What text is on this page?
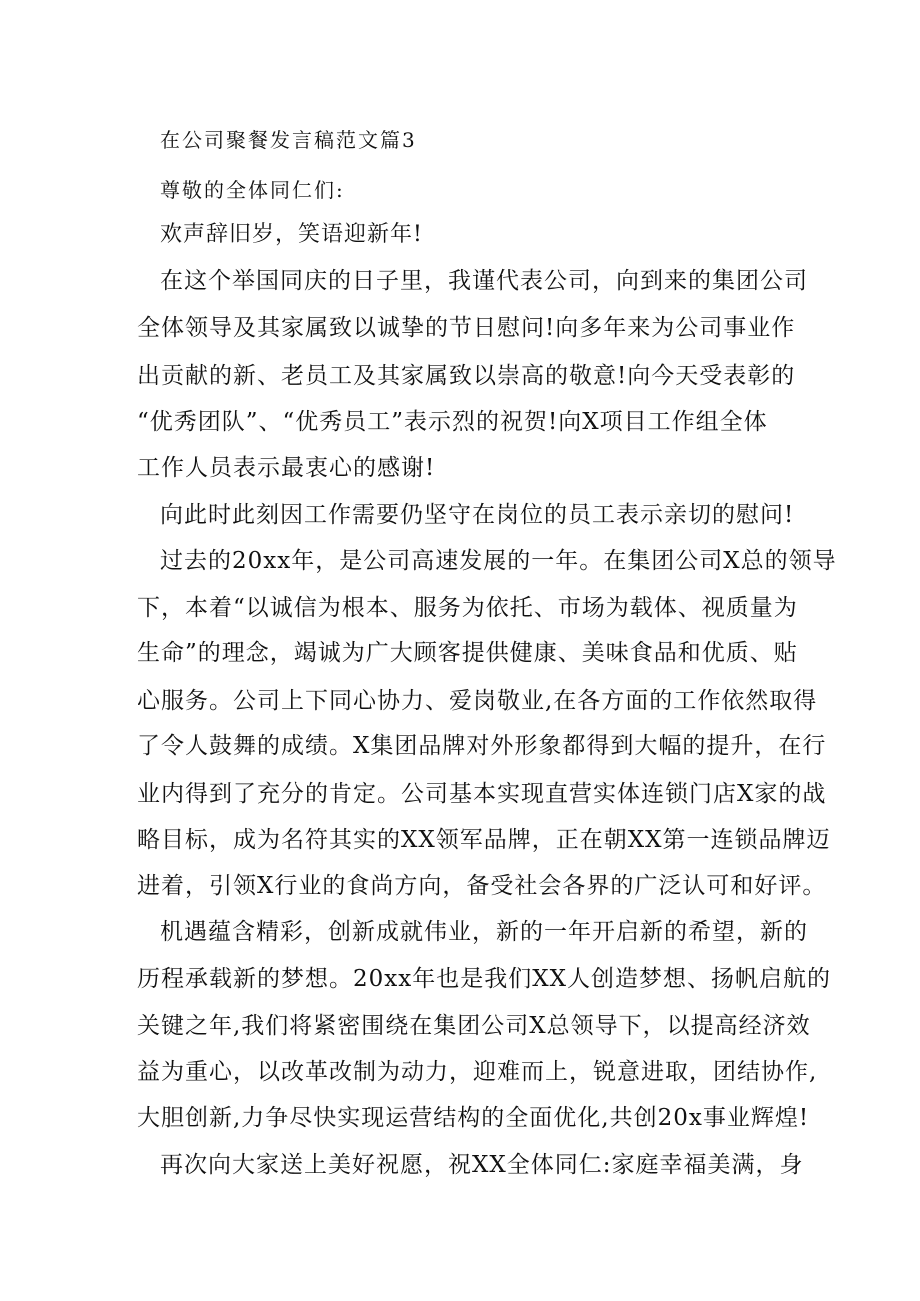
在公司聚餐发言稿范文篇3
尊敬的全体同仁们:
欢声辞旧岁，笑语迎新年!
在这个举国同庆的日子里，我谨代表公司，向到来的集团公司
全体领导及其家属致以诚挚的节日慰问!向多年来为公司事业作
出贡献的新、老员工及其家属致以崇高的敬意!向今天受表彰的
“优秀团队”、“优秀员工”表示烈的祝贺!向X项目工作组全体
工作人员表示最衷心的感谢!
向此时此刻因工作需要仍坚守在岗位的员工表示亲切的慰问!
过去的20xx年，是公司高速发展的一年。在集团公司X总的领导
下，本着“以诚信为根本、服务为依托、市场为载体、视质量为
生命”的理念，竭诚为广大顾客提供健康、美味食品和优质、贴
心服务。公司上下同心协力、爱岗敬业,在各方面的工作依然取得
了令人鼓舞的成绩。X集团品牌对外形象都得到大幅的提升，在行
业内得到了充分的肯定。公司基本实现直营实体连锁门店X家的战
略目标，成为名符其实的XX领军品牌，正在朝XX第一连锁品牌迈
进着，引领X行业的食尚方向，备受社会各界的广泛认可和好评。
机遇蕴含精彩，创新成就伟业，新的一年开启新的希望，新的
历程承载新的梦想。20xx年也是我们XX人创造梦想、扬帆启航的
关键之年,我们将紧密围绕在集团公司X总领导下，以提高经济效
益为重心，以改革改制为动力，迎难而上，锐意进取，团结协作,
大胆创新,力争尽快实现运营结构的全面优化,共创20x事业辉煌!
再次向大家送上美好祝愿，祝XX全体同仁:家庭幸福美满，身
